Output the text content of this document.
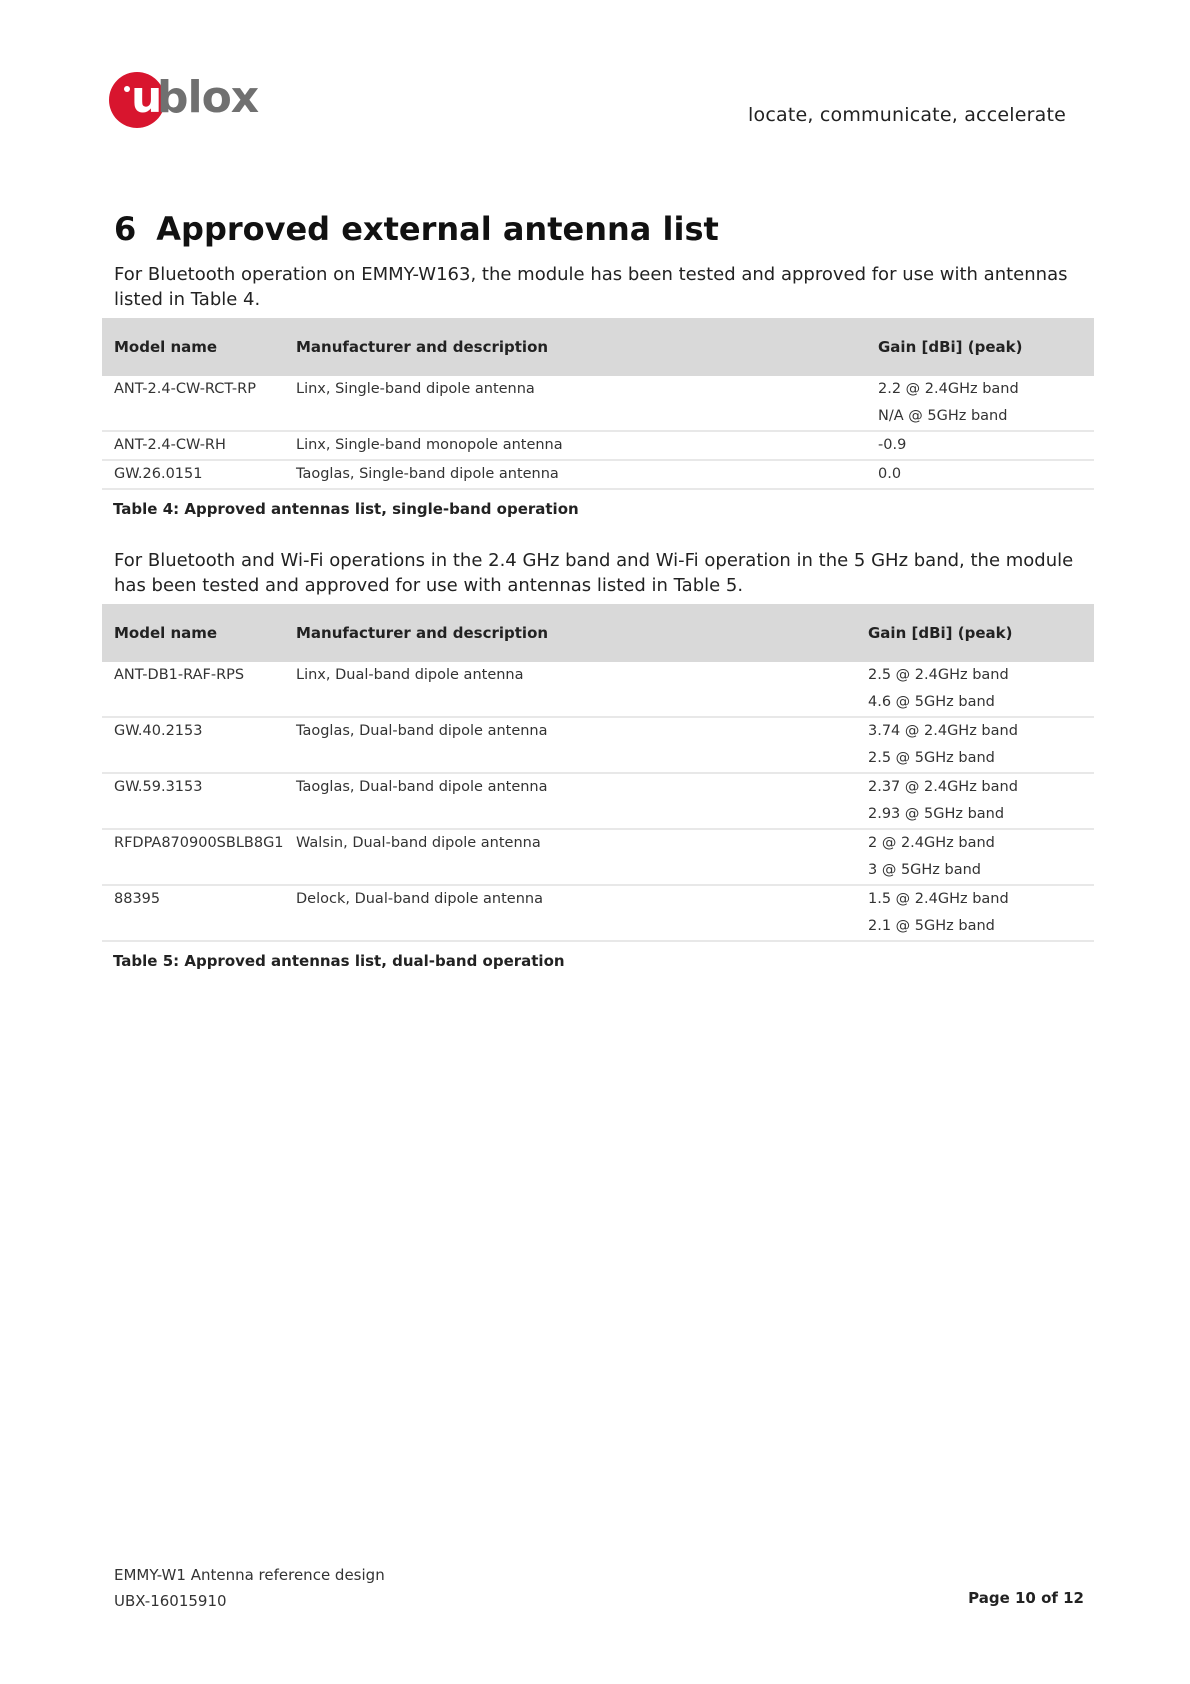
u
blox	locate, communicate, accelerate
6 Approved external antenna list

For Bluetooth operation on EMMY-W163, the module has been tested and approved for use with antennas listed in Table 4.

Model name	Manufacturer and description	Gain [dBi] (peak)

ANT-2.4-CW-RCT-RP	Linx, Single-band dipole antenna	2.2 @ 2.4GHz band
N/A @ 5GHz band

ANT-2.4-CW-RH	Linx, Single-band monopole antenna	-0.9

GW.26.0151	Taoglas, Single-band dipole antenna	0.0

Table 4: Approved antennas list, single-band operation

For Bluetooth and Wi-Fi operations in the 2.4 GHz band and Wi-Fi operation in the 5 GHz band, the module has been tested and approved for use with antennas listed in Table 5.

Model name	Manufacturer and description	Gain [dBi] (peak)

ANT-DB1-RAF-RPS	Linx, Dual-band dipole antenna	2.5 @ 2.4GHz band
4.6 @ 5GHz band

GW.40.2153	Taoglas, Dual-band dipole antenna	3.74 @ 2.4GHz band
2.5 @ 5GHz band

GW.59.3153	Taoglas, Dual-band dipole antenna	2.37 @ 2.4GHz band
2.93 @ 5GHz band

RFDPA870900SBLB8G1	Walsin, Dual-band dipole antenna	2 @ 2.4GHz band
3 @ 5GHz band

88395	Delock, Dual-band dipole antenna	1.5 @ 2.4GHz band
2.1 @ 5GHz band

Table 5: Approved antennas list, dual-band operation

EMMY-W1 Antenna reference design
UBX-16015910	Page 10 of 12
